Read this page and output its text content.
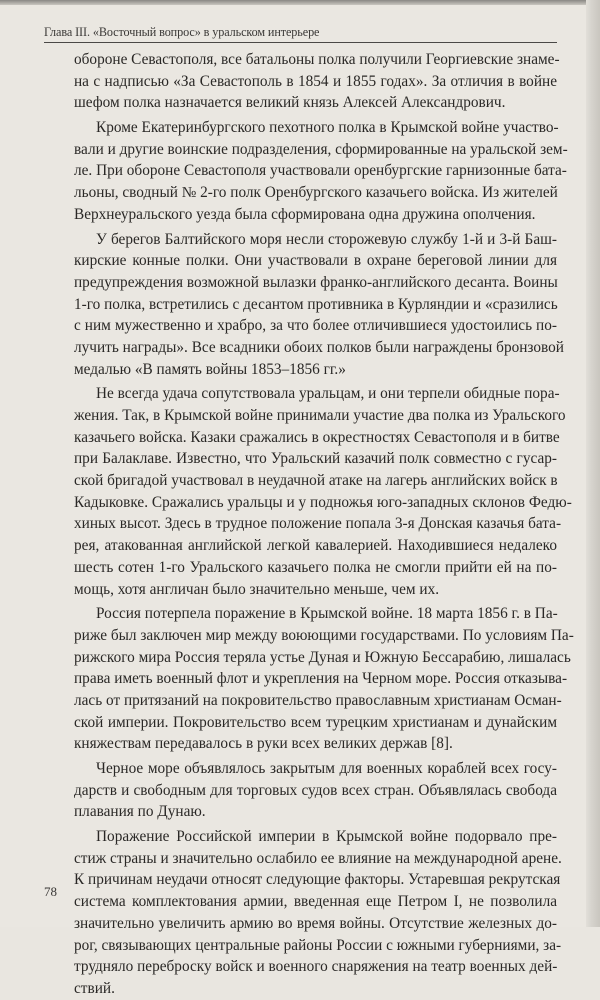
Глава III. «Восточный вопрос» в уральском интерьере
обороне Севастополя, все батальоны полка получили Георгиевские знаме-
на с надписью «За Севастополь в 1854 и 1855 годах». За отличия в войне
шефом полка назначается великий князь Алексей Александрович.
Кроме Екатеринбургского пехотного полка в Крымской войне участво-
вали и другие воинские подразделения, сформированные на уральской зем-
ле. При обороне Севастополя участвовали оренбургские гарнизонные бата-
льоны, сводный № 2-го полк Оренбургского казачьего войска. Из жителей
Верхнеуральского уезда была сформирована одна дружина ополчения.
У берегов Балтийского моря несли сторожевую службу 1-й и 3-й Баш-
кирские конные полки. Они участвовали в охране береговой линии для
предупреждения возможной вылазки франко-английского десанта. Воины
1-го полка, встретились с десантом противника в Курляндии и «сразились
с ним мужественно и храбро, за что более отличившиеся удостоились по-
лучить награды». Все всадники обоих полков были награждены бронзовой
медалью «В память войны 1853–1856 гг.»
Не всегда удача сопутствовала уральцам, и они терпели обидные пора-
жения. Так, в Крымской войне принимали участие два полка из Уральского
казачьего войска. Казаки сражались в окрестностях Севастополя и в битве
при Балаклаве. Известно, что Уральский казачий полк совместно с гусар-
ской бригадой участвовал в неудачной атаке на лагерь английских войск в
Кадыковке. Сражались уральцы и у подножья юго-западных склонов Федю-
хиных высот. Здесь в трудное положение попала 3-я Донская казачья бата-
рея, атакованная английской легкой кавалерией. Находившиеся недалеко
шесть сотен 1-го Уральского казачьего полка не смогли прийти ей на по-
мощь, хотя англичан было значительно меньше, чем их.
Россия потерпела поражение в Крымской войне. 18 марта 1856 г. в Па-
риже был заключен мир между воюющими государствами. По условиям Па-
рижского мира Россия теряла устье Дуная и Южную Бессарабию, лишалась
права иметь военный флот и укрепления на Черном море. Россия отказыва-
лась от притязаний на покровительство православным христианам Осман-
ской империи. Покровительство всем турецким христианам и дунайским
княжествам передавалось в руки всех великих держав [8].
Черное море объявлялось закрытым для военных кораблей всех госу-
дарств и свободным для торговых судов всех стран. Объявлялась свобода
плавания по Дунаю.
Поражение Российской империи в Крымской войне подорвало пре-
стиж страны и значительно ослабило ее влияние на международной арене.
К причинам неудачи относят следующие факторы. Устаревшая рекрутская
система комплектования армии, введенная еще Петром I, не позволила
значительно увеличить армию во время войны. Отсутствие железных до-
рог, связывающих центральные районы России с южными губерниями, за-
трудняло переброску войск и военного снаряжения на театр военных дей-
ствий.
78
